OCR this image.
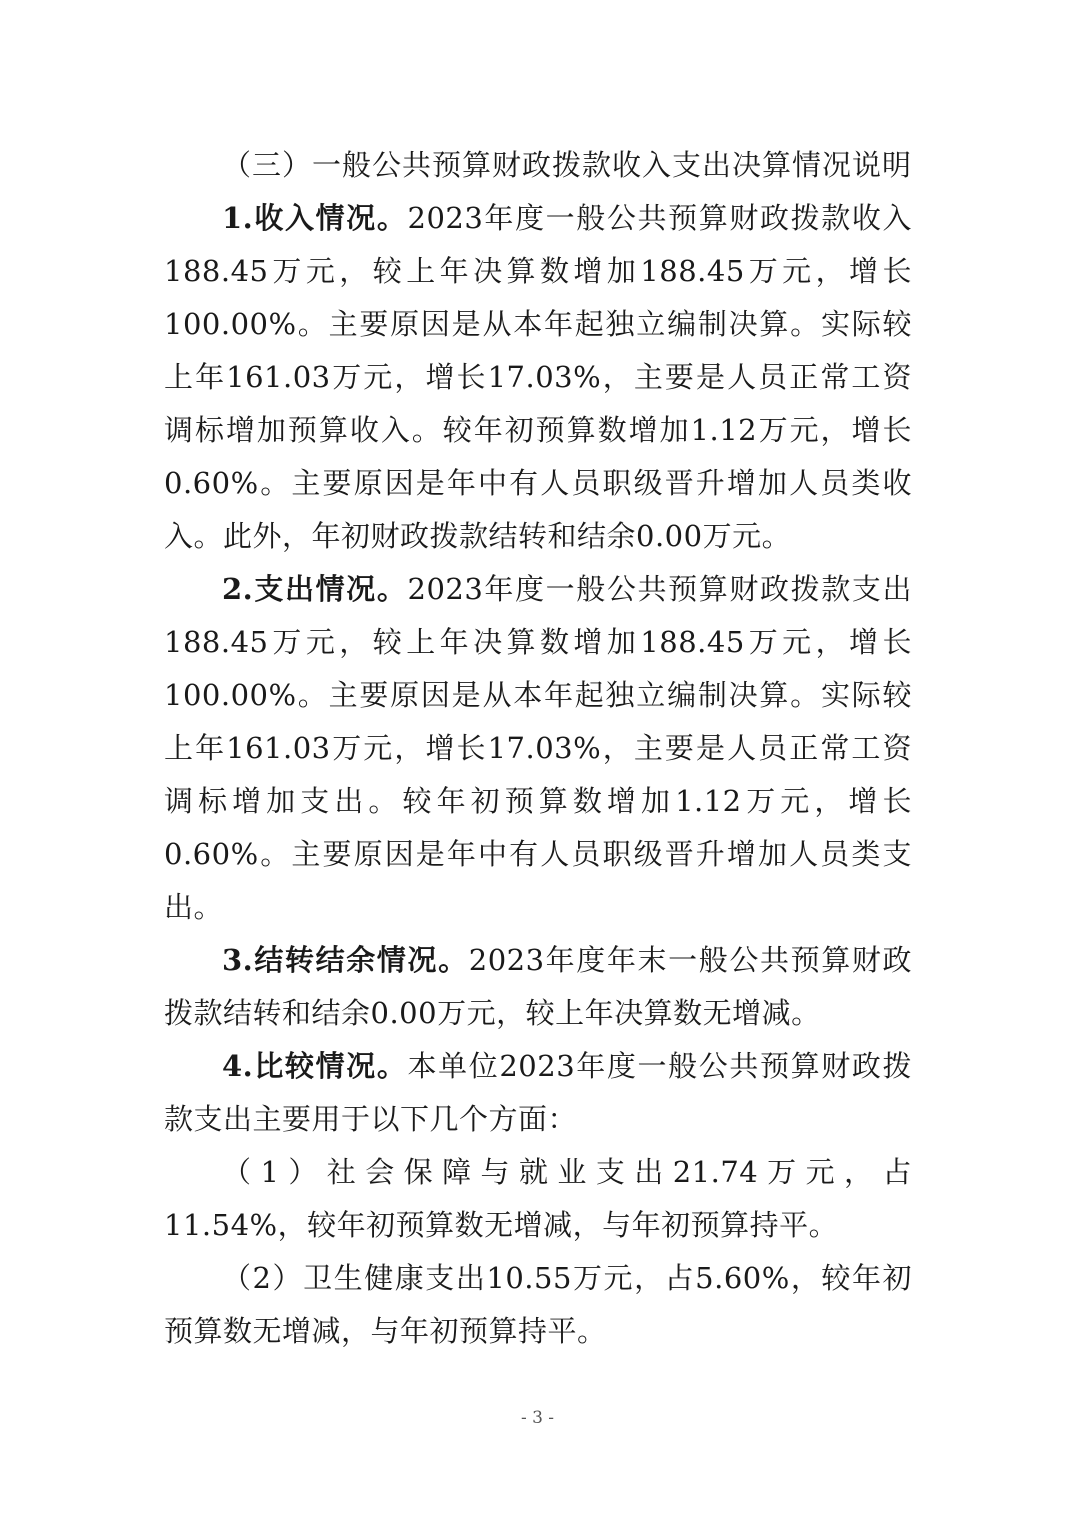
（三）一般公共预算财政拨款收入支出决算情况说明

1.收入情况。2023年度一般公共预算财政拨款收入188.45万元，较上年决算数增加188.45万元，增长100.00%。主要原因是从本年起独立编制决算。实际较上年161.03万元，增长17.03%，主要是人员正常工资调标增加预算收入。较年初预算数增加1.12万元，增长0.60%。主要原因是年中有人员职级晋升增加人员类收入。此外，年初财政拨款结转和结余0.00万元。

2.支出情况。2023年度一般公共预算财政拨款支出188.45万元，较上年决算数增加188.45万元，增长100.00%。主要原因是从本年起独立编制决算。实际较上年161.03万元，增长17.03%，主要是人员正常工资调标增加支出。较年初预算数增加1.12万元，增长0.60%。主要原因是年中有人员职级晋升增加人员类支出。

3.结转结余情况。2023年度年末一般公共预算财政拨款结转和结余0.00万元，较上年决算数无增减。

4.比较情况。本单位2023年度一般公共预算财政拨款支出主要用于以下几个方面：

（1）社会保障与就业支出21.74万元，占11.54%，较年初预算数无增减，与年初预算持平。

（2）卫生健康支出10.55万元，占5.60%，较年初预算数无增减，与年初预算持平。

- 3 -
